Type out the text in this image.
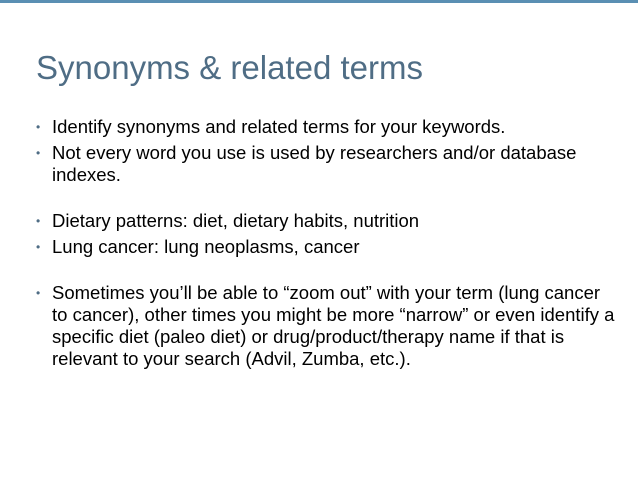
Synonyms & related terms
• Identify synonyms and related terms for your keywords.
• Not every word you use is used by researchers and/or database indexes.
• Dietary patterns: diet, dietary habits, nutrition
• Lung cancer: lung neoplasms, cancer
• Sometimes you’ll be able to “zoom out” with your term (lung cancer to cancer), other times you might be more “narrow” or even identify a specific diet (paleo diet) or drug/product/therapy name if that is relevant to your search (Advil, Zumba, etc.).
